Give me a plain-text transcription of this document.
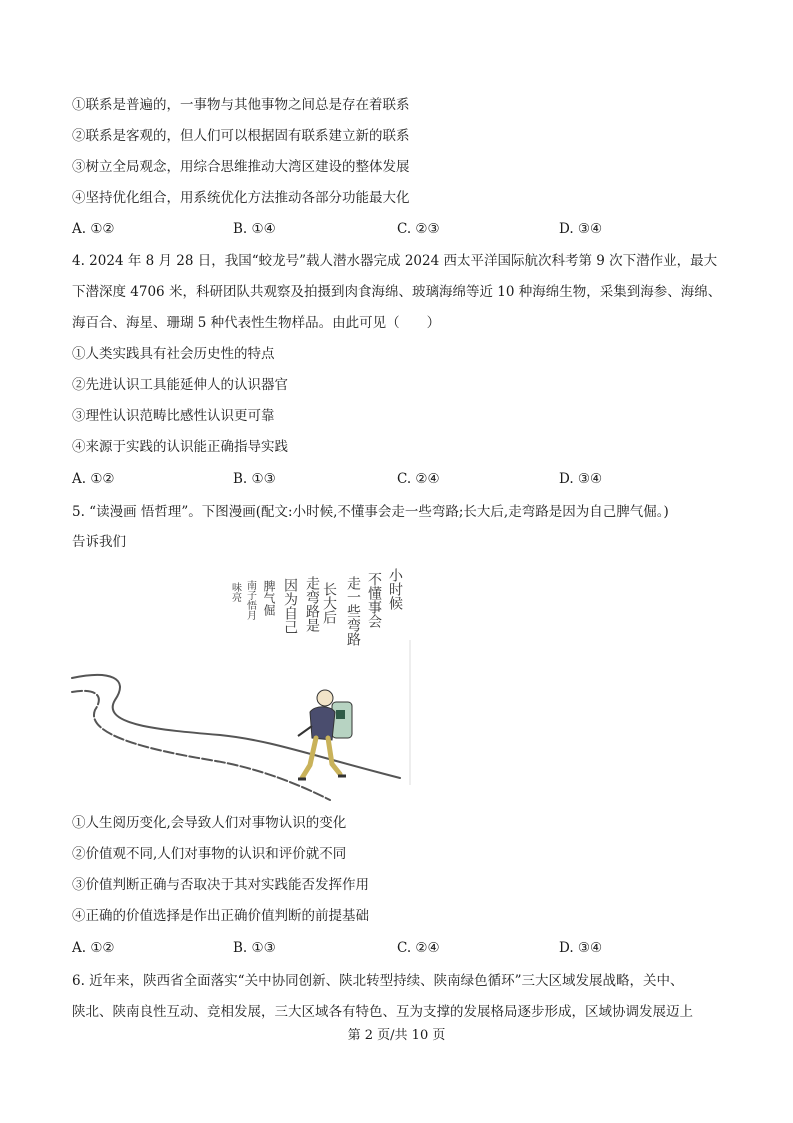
①联系是普遍的，一事物与其他事物之间总是存在着联系
②联系是客观的，但人们可以根据固有联系建立新的联系
③树立全局观念，用综合思维推动大湾区建设的整体发展
④坚持优化组合，用系统优化方法推动各部分功能最大化
A. ①②	B. ①④	C. ②③	D. ③④
4. 2024 年 8 月 28 日，我国“蛟龙号”载人潜水器完成 2024 西太平洋国际航次科考第 9 次下潜作业，最大
下潜深度 4706 米，科研团队共观察及拍摄到肉食海绵、玻璃海绵等近 10 种海绵生物，采集到海参、海绵、
海百合、海星、珊瑚 5 种代表性生物样品。由此可见（　　）
①人类实践具有社会历史性的特点
②先进认识工具能延伸人的认识器官
③理性认识范畴比感性认识更可靠
④来源于实践的认识能正确指导实践
A. ①②	B. ①③	C. ②④	D. ③④
5. “读漫画 悟哲理”。下图漫画(配文:小时候,不懂事会走一些弯路;长大后,走弯路是因为自己脾气倔。)
告诉我们
小时候
不懂事会
走一些弯路
长大后
走弯路是
因为自己
脾气倔
南子悟月
味亮
①人生阅历变化,会导致人们对事物认识的变化
②价值观不同,人们对事物的认识和评价就不同
③价值判断正确与否取决于其对实践能否发挥作用
④正确的价值选择是作出正确价值判断的前提基础
A. ①②	B. ①③	C. ②④	D. ③④
6. 近年来，陕西省全面落实“关中协同创新、陕北转型持续、陕南绿色循环”三大区域发展战略，关中、
陕北、陕南良性互动、竞相发展，三大区域各有特色、互为支撑的发展格局逐步形成，区域协调发展迈上
第 2 页/共 10 页
